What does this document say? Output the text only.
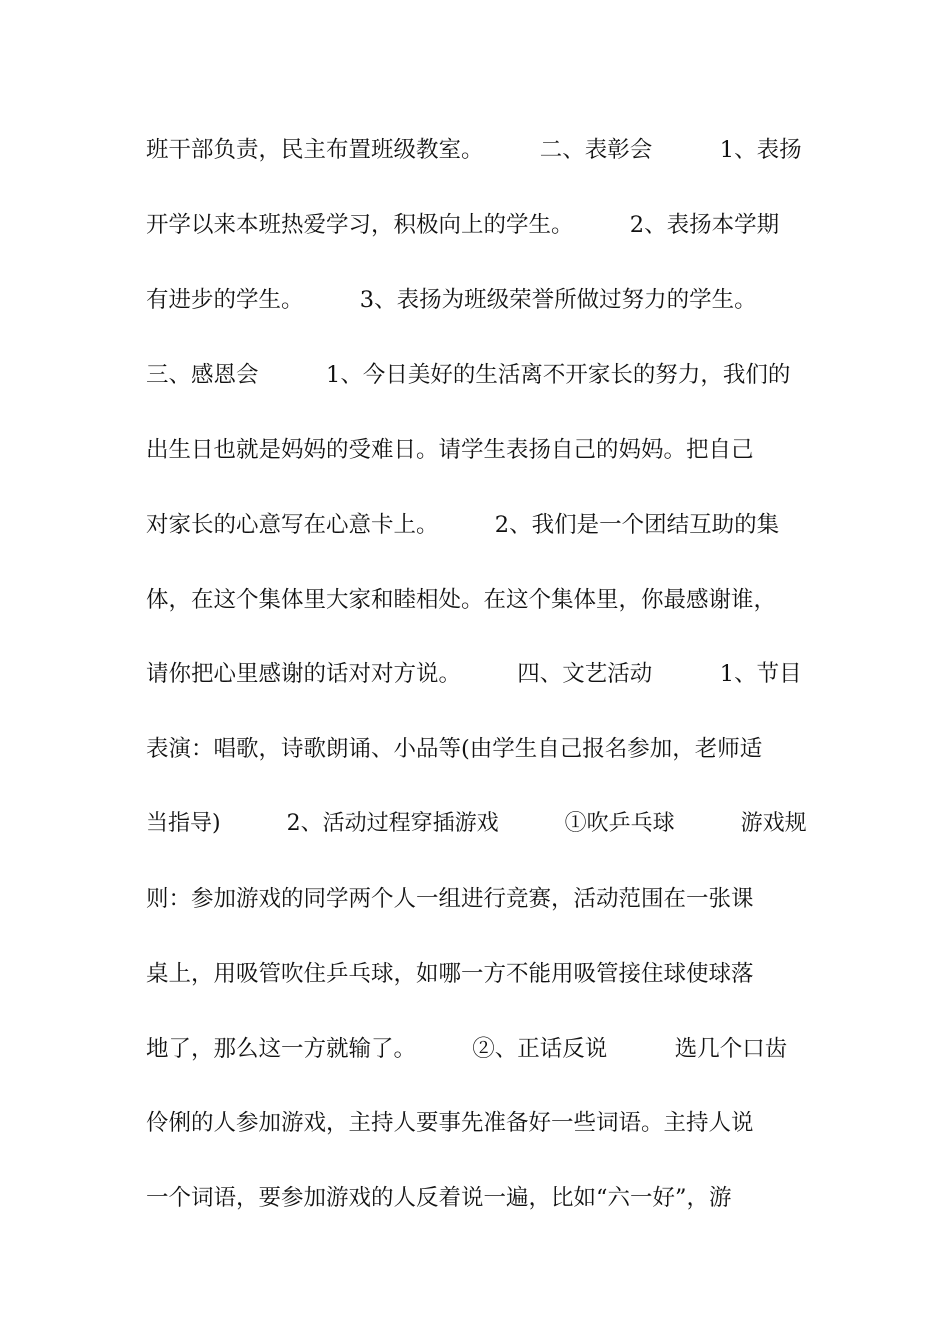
班干部负责，民主布置班级教室。　　　二、表彰会　　　1、表扬
开学以来本班热爱学习，积极向上的学生。　　　2、表扬本学期
有进步的学生。　　　3、表扬为班级荣誉所做过努力的学生。
三、感恩会　　　1、今日美好的生活离不开家长的努力，我们的
出生日也就是妈妈的受难日。请学生表扬自己的妈妈。把自己
对家长的心意写在心意卡上。　　　2、我们是一个团结互助的集
体，在这个集体里大家和睦相处。在这个集体里，你最感谢谁，
请你把心里感谢的话对对方说。　　　四、文艺活动　　　1、节目
表演：唱歌，诗歌朗诵、小品等(由学生自己报名参加，老师适
当指导)　　　2、活动过程穿插游戏　　　①吹乒乓球　　　游戏规
则：参加游戏的同学两个人一组进行竞赛，活动范围在一张课
桌上，用吸管吹住乒乓球，如哪一方不能用吸管接住球使球落
地了，那么这一方就输了。　　　②、正话反说　　　选几个口齿
伶俐的人参加游戏，主持人要事先准备好一些词语。主持人说
一个词语，要参加游戏的人反着说一遍，比如“六一好”，游
